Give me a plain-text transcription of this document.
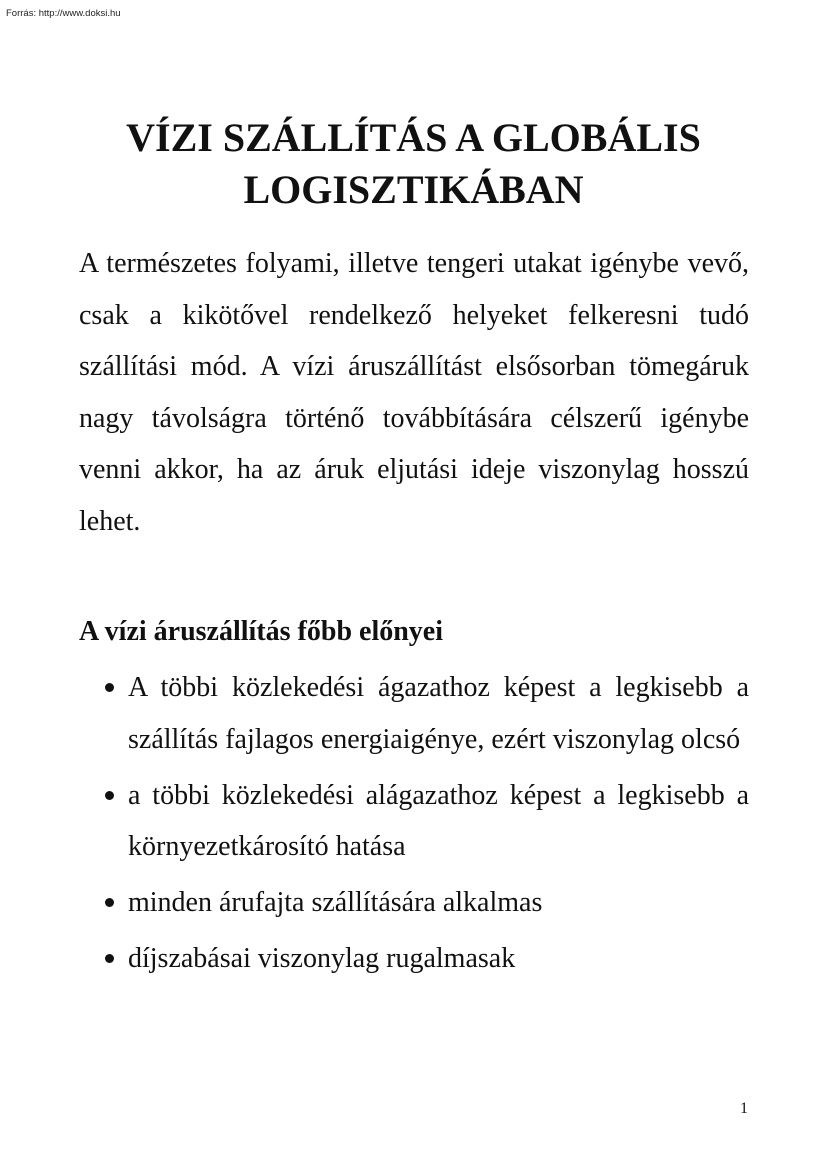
Forrás: http://www.doksi.hu
VÍZI SZÁLLÍTÁS A GLOBÁLIS
LOGISZTIKÁBAN

A természetes folyami, illetve tengeri utakat igénybe vevő, csak a kikötővel rendelkező helyeket felkeresni tudó szállítási mód. A vízi áruszállítást elsősorban tömegáruk nagy távolságra történő továbbítására célszerű igénybe venni akkor, ha az áruk eljutási ideje viszonylag hosszú lehet.

A vízi áruszállítás főbb előnyei
A többi közlekedési ágazathoz képest a legkisebb a szállítás fajlagos energiaigénye, ezért viszonylag olcsó
a többi közlekedési alágazathoz képest a legkisebb a környezetkárosító hatása
minden árufajta szállítására alkalmas
díjszabásai viszonylag rugalmasak
1
